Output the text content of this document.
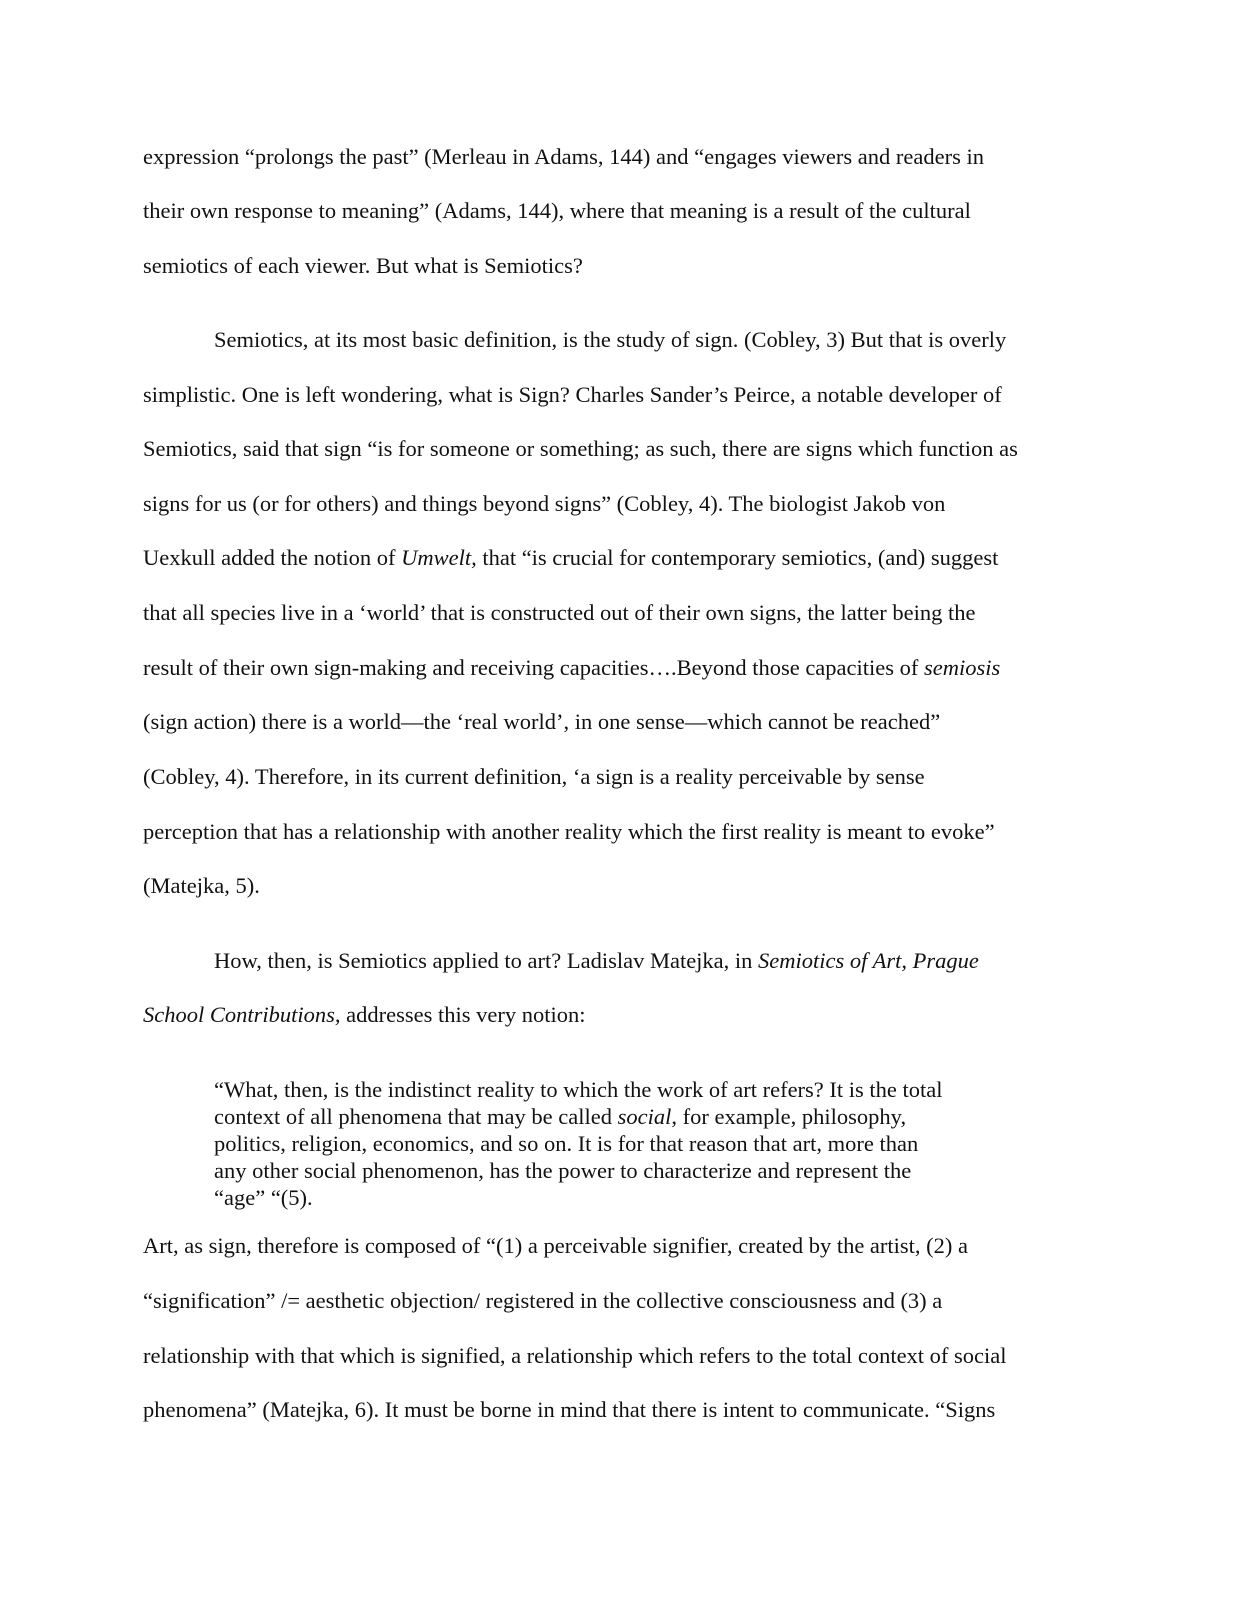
expression “prolongs the past” (Merleau in Adams, 144) and “engages viewers and readers in

their own response to meaning” (Adams, 144), where that meaning is a result of the cultural

semiotics of each viewer. But what is Semiotics?

Semiotics, at its most basic definition, is the study of sign. (Cobley, 3) But that is overly

simplistic. One is left wondering, what is Sign? Charles Sander’s Peirce, a notable developer of

Semiotics, said that sign “is for someone or something; as such, there are signs which function as

signs for us (or for others) and things beyond signs” (Cobley, 4). The biologist Jakob von

Uexkull added the notion of Umwelt, that “is crucial for contemporary semiotics, (and) suggest

that all species live in a ‘world’ that is constructed out of their own signs, the latter being the

result of their own sign-making and receiving capacities….Beyond those capacities of semiosis

(sign action) there is a world—the ‘real world’, in one sense—which cannot be reached”

(Cobley, 4). Therefore, in its current definition, ‘a sign is a reality perceivable by sense

perception that has a relationship with another reality which the first reality is meant to evoke”

(Matejka, 5).

How, then, is Semiotics applied to art? Ladislav Matejka, in Semiotics of Art, Prague

School Contributions, addresses this very notion:

“What, then, is the indistinct reality to which the work of art refers? It is the total

context of all phenomena that may be called social, for example, philosophy,

politics, religion, economics, and so on. It is for that reason that art, more than

any other social phenomenon, has the power to characterize and represent the

“age” “(5).

Art, as sign, therefore is composed of “(1) a perceivable signifier, created by the artist, (2) a

“signification” /= aesthetic objection/ registered in the collective consciousness and (3) a

relationship with that which is signified, a relationship which refers to the total context of social

phenomena” (Matejka, 6). It must be borne in mind that there is intent to communicate. “Signs
